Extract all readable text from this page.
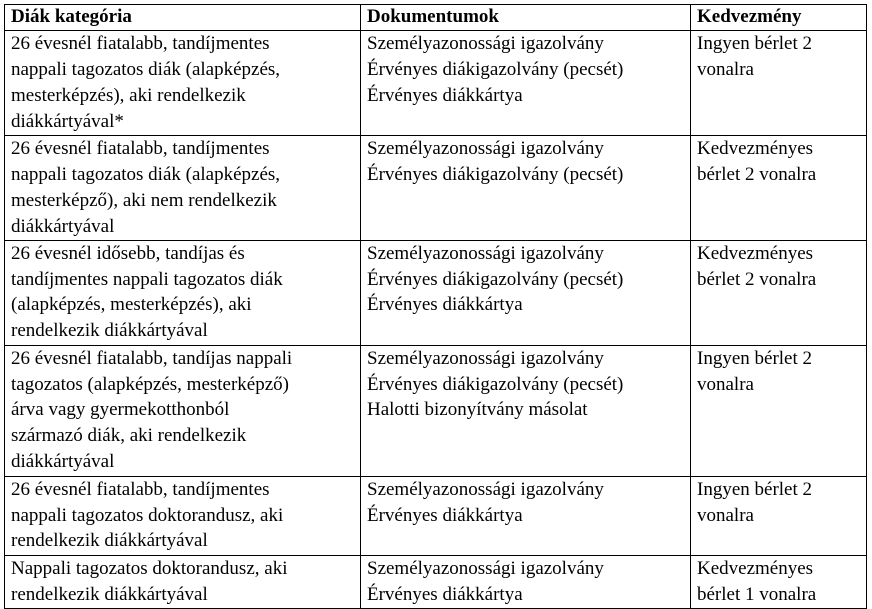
Diák kategória	Dokumentumok	Kedvezmény

26 évesnél fiatalabb, tandíjmentes
nappali tagozatos diák (alapképzés,
mesterképzés), aki rendelkezik
diákkártyával*	Személyazonossági igazolvány
Érvényes diákigazolvány (pecsét)
Érvényes diákkártya	Ingyen bérlet 2
vonalra

26 évesnél fiatalabb, tandíjmentes
nappali tagozatos diák (alapképzés,
mesterképző), aki nem rendelkezik
diákkártyával	Személyazonossági igazolvány
Érvényes diákigazolvány (pecsét)	Kedvezményes
bérlet 2 vonalra

26 évesnél idősebb, tandíjas és
tandíjmentes nappali tagozatos diák
(alapképzés, mesterképzés), aki
rendelkezik diákkártyával	Személyazonossági igazolvány
Érvényes diákigazolvány (pecsét)
Érvényes diákkártya	Kedvezményes
bérlet 2 vonalra

26 évesnél fiatalabb, tandíjas nappali
tagozatos (alapképzés, mesterképző)
árva vagy gyermekotthonból
származó diák, aki rendelkezik
diákkártyával	Személyazonossági igazolvány
Érvényes diákigazolvány (pecsét)
Halotti bizonyítvány másolat	Ingyen bérlet 2
vonalra

26 évesnél fiatalabb, tandíjmentes
nappali tagozatos doktorandusz, aki
rendelkezik diákkártyával	Személyazonossági igazolvány
Érvényes diákkártya	Ingyen bérlet 2
vonalra

Nappali tagozatos doktorandusz, aki
rendelkezik diákkártyával	Személyazonossági igazolvány
Érvényes diákkártya	Kedvezményes
bérlet 1 vonalra
